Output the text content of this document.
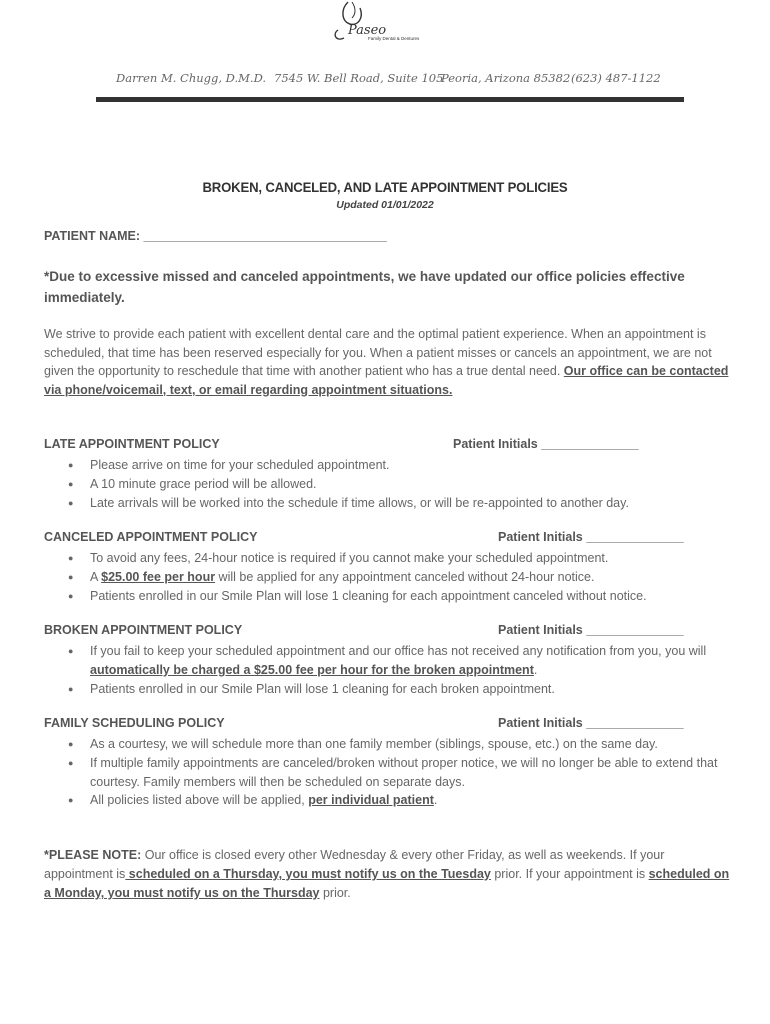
Paseo
Family Dental & Dentures
Darren M. Chugg, D.M.D. 7545 W. Bell Road, Suite 105
Peoria, Arizona 85382 (623) 487-1122
BROKEN, CANCELED, AND LATE APPOINTMENT POLICIES
Updated 01/01/2022
PATIENT NAME: ___________________________________
*Due to excessive missed and canceled appointments, we have updated our office policies effective immediately.
We strive to provide each patient with excellent dental care and the optimal patient experience. When an appointment is scheduled, that time has been reserved especially for you. When a patient misses or cancels an appointment, we are not given the opportunity to reschedule that time with another patient who has a true dental need. Our office can be contacted via phone/voicemail, text, or email regarding appointment situations.
LATE APPOINTMENT POLICY	Patient Initials ______________
● Please arrive on time for your scheduled appointment.
● A 10 minute grace period will be allowed.
● Late arrivals will be worked into the schedule if time allows, or will be re-appointed to another day.
CANCELED APPOINTMENT POLICY	Patient Initials ______________
● To avoid any fees, 24-hour notice is required if you cannot make your scheduled appointment.
● A $25.00 fee per hour will be applied for any appointment canceled without 24-hour notice.
● Patients enrolled in our Smile Plan will lose 1 cleaning for each appointment canceled without notice.
BROKEN APPOINTMENT POLICY	Patient Initials ______________
● If you fail to keep your scheduled appointment and our office has not received any notification from you, you will automatically be charged a $25.00 fee per hour for the broken appointment.
● Patients enrolled in our Smile Plan will lose 1 cleaning for each broken appointment.
FAMILY SCHEDULING POLICY	Patient Initials ______________
● As a courtesy, we will schedule more than one family member (siblings, spouse, etc.) on the same day.
● If multiple family appointments are canceled/broken without proper notice, we will no longer be able to extend that courtesy. Family members will then be scheduled on separate days.
● All policies listed above will be applied, per individual patient.
*PLEASE NOTE: Our office is closed every other Wednesday & every other Friday, as well as weekends. If your appointment is scheduled on a Thursday, you must notify us on the Tuesday prior. If your appointment is scheduled on a Monday, you must notify us on the Thursday prior.
